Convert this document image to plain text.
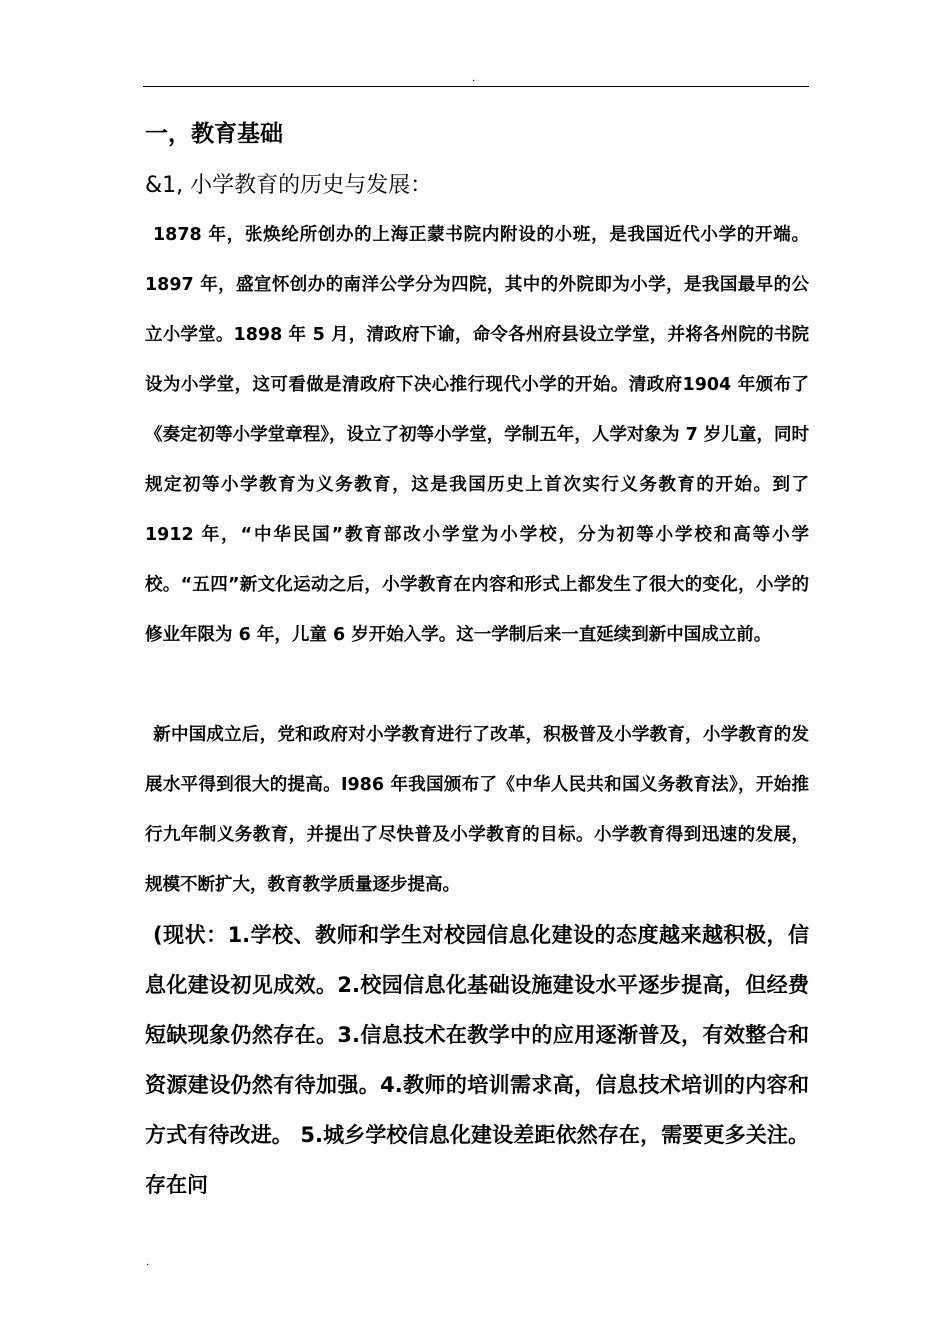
.
一，教育基础
&1, 小学教育的历史与发展：
1878 年，张焕纶所创办的上海正蒙书院内附设的小班，是我国近代小学的开端。1897 年，盛宣怀创办的南洋公学分为四院，其中的外院即为小学，是我国最早的公立小学堂。1898 年 5 月，清政府下谕，命令各州府县设立学堂，并将各州院的书院设为小学堂，这可看做是清政府下决心推行现代小学的开始。清政府1904 年颁布了《奏定初等小学堂章程》，设立了初等小学堂，学制五年，人学对象为 7 岁儿童，同时规定初等小学教育为义务教育，这是我国历史上首次实行义务教育的开始。到了 1912 年，“中华民国”教育部改小学堂为小学校，分为初等小学校和高等小学校。“五四”新文化运动之后，小学教育在内容和形式上都发生了很大的变化，小学的修业年限为 6 年，儿童 6 岁开始入学。这一学制后来一直延续到新中国成立前。
新中国成立后，党和政府对小学教育进行了改革，积极普及小学教育，小学教育的发展水平得到很大的提高。I986 年我国颁布了《中华人民共和国义务教育法》，开始推行九年制义务教育，并提出了尽快普及小学教育的目标。小学教育得到迅速的发展，规模不断扩大，教育教学质量逐步提高。
(现状：1.学校、教师和学生对校园信息化建设的态度越来越积极，信息化建设初见成效。2.校园信息化基础设施建设水平逐步提高，但经费短缺现象仍然存在。3.信息技术在教学中的应用逐渐普及，有效整合和资源建设仍然有待加强。4.教师的培训需求高，信息技术培训的内容和方式有待改进。 5.城乡学校信息化建设差距依然存在，需要更多关注。 存在问
.
